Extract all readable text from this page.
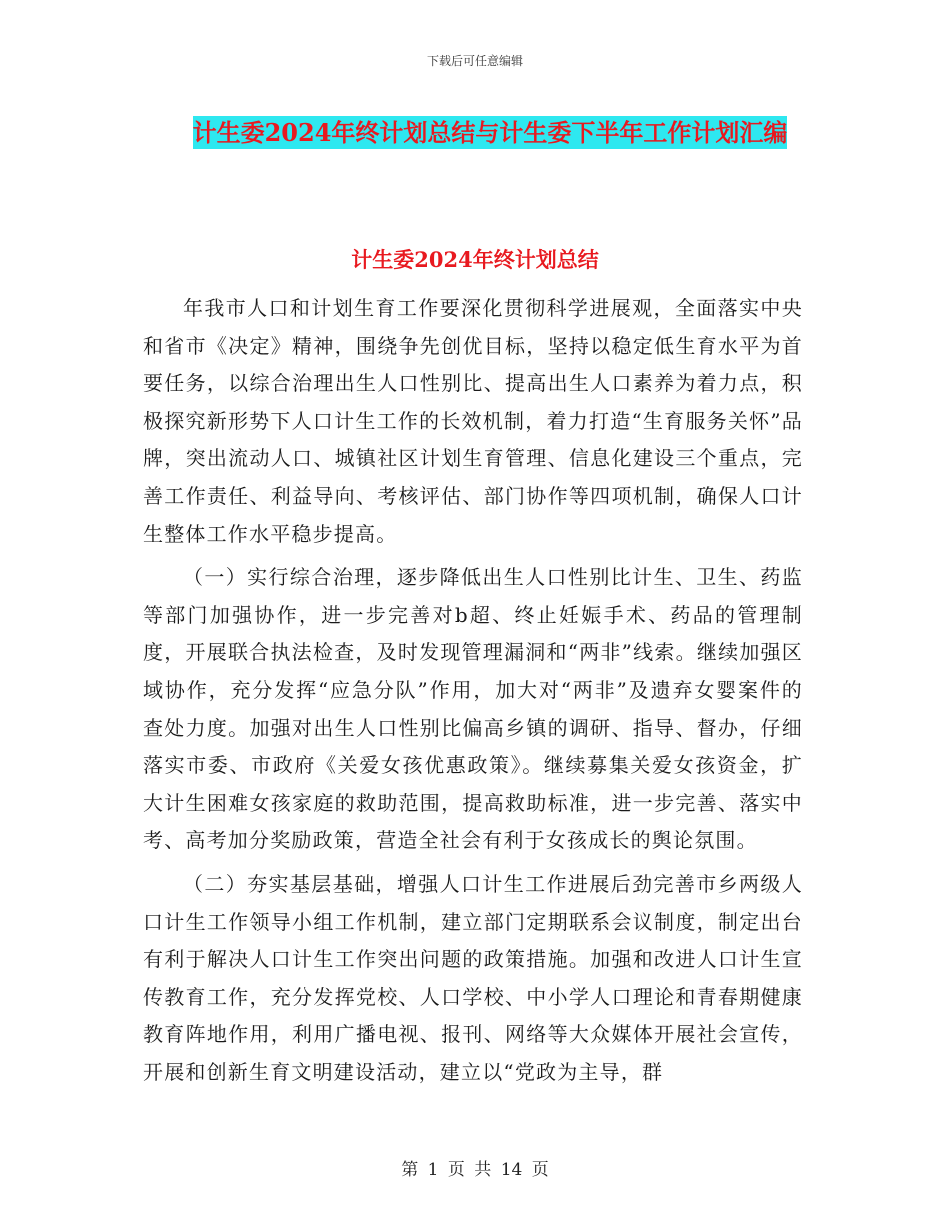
下载后可任意编辑
计生委2024年终计划总结与计生委下半年工作计划汇编
计生委2024年终计划总结

年我市人口和计划生育工作要深化贯彻科学进展观，全面落实中央和省市《决定》精神，围绕争先创优目标，坚持以稳定低生育水平为首要任务，以综合治理出生人口性别比、提高出生人口素养为着力点，积极探究新形势下人口计生工作的长效机制，着力打造“生育服务关怀”品牌，突出流动人口、城镇社区计划生育管理、信息化建设三个重点，完善工作责任、利益导向、考核评估、部门协作等四项机制，确保人口计生整体工作水平稳步提高。

（一）实行综合治理，逐步降低出生人口性别比计生、卫生、药监等部门加强协作，进一步完善对b超、终止妊娠手术、药品的管理制度，开展联合执法检查，及时发现管理漏洞和“两非”线索。继续加强区域协作，充分发挥“应急分队”作用，加大对“两非”及遗弃女婴案件的查处力度。加强对出生人口性别比偏高乡镇的调研、指导、督办，仔细落实市委、市政府《关爱女孩优惠政策》。继续募集关爱女孩资金，扩大计生困难女孩家庭的救助范围，提高救助标准，进一步完善、落实中考、高考加分奖励政策，营造全社会有利于女孩成长的舆论氛围。

（二）夯实基层基础，增强人口计生工作进展后劲完善市乡两级人口计生工作领导小组工作机制，建立部门定期联系会议制度，制定出台有利于解决人口计生工作突出问题的政策措施。加强和改进人口计生宣传教育工作，充分发挥党校、人口学校、中小学人口理论和青春期健康教育阵地作用，利用广播电视、报刊、网络等大众媒体开展社会宣传，开展和创新生育文明建设活动，建立以“党政为主导，群

第 1 页 共 14 页
